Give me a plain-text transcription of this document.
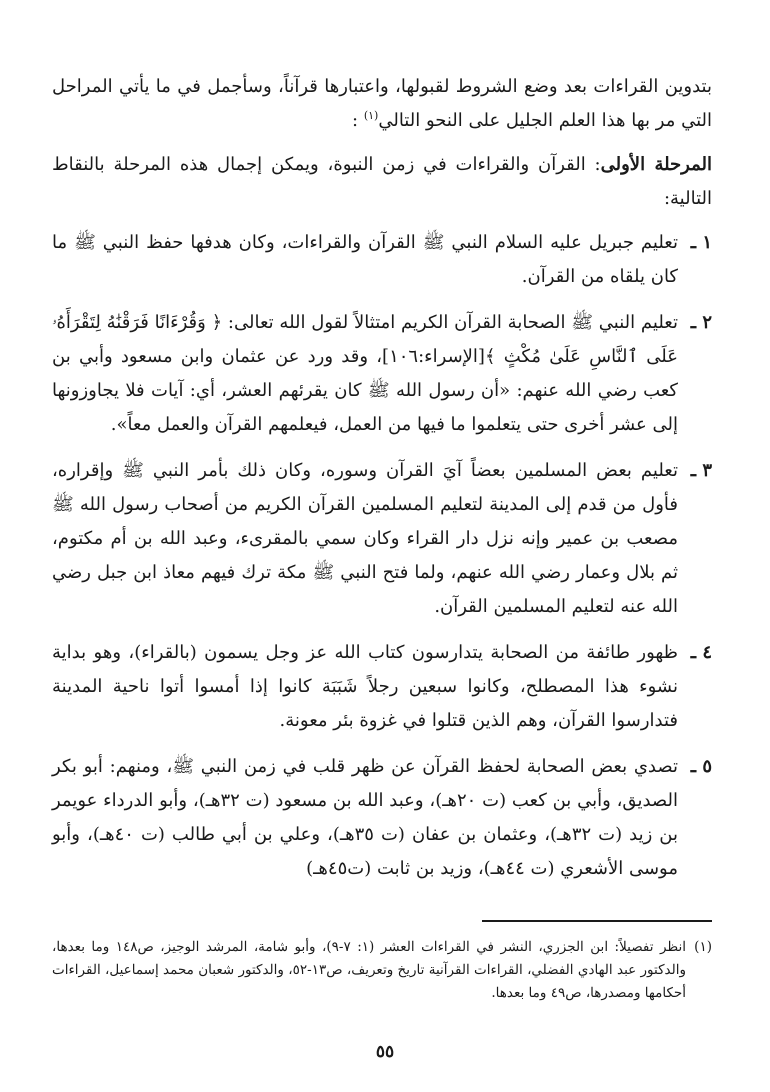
بتدوين القراءات بعد وضع الشروط لقبولها، واعتبارها قرآناً، وسأجمل في ما يأتي المراحل التي مر بها هذا العلم الجليل على النحو التالي$^{(١)}$ :

المرحلة الأولى: القرآن والقراءات في زمن النبوة، ويمكن إجمال هذه المرحلة بالنقاط التالية:

١ ـ
تعليم جبريل عليه السلام النبي ﷺ القرآن والقراءات، وكان هدفها حفظ النبي ﷺ ما كان يلقاه من القرآن.
٢ ـ
تعليم النبي ﷺ الصحابة القرآن الكريم امتثالاً لقول الله تعالى: ﴿ وَقُرْءَانًا فَرَقْنَٰهُ لِتَقْرَأَهُۥ عَلَى ٱلنَّاسِ عَلَىٰ مُكْثٍ ﴾[الإسراء:١٠٦]، وقد ورد عن عثمان وابن مسعود وأبي بن كعب رضي الله عنهم: «أن رسول الله ﷺ كان يقرئهم العشر، أي: آيات فلا يجاوزونها إلى عشر أخرى حتى يتعلموا ما فيها من العمل، فيعلمهم القرآن والعمل معاً».
٣ ـ
تعليم بعض المسلمين بعضاً آيَ القرآن وسوره، وكان ذلك بأمر النبي ﷺ وإقراره، فأول من قدم إلى المدينة لتعليم المسلمين القرآن الكريم من أصحاب رسول الله ﷺ مصعب بن عمير وإنه نزل دار القراء وكان سمي بالمقرىء، وعبد الله بن أم مكتوم، ثم بلال وعمار رضي الله عنهم، ولما فتح النبي ﷺ مكة ترك فيهم معاذ ابن جبل رضي الله عنه لتعليم المسلمين القرآن.
٤ ـ
ظهور طائفة من الصحابة يتدارسون كتاب الله عز وجل يسمون (بالقراء)، وهو بداية نشوء هذا المصطلح، وكانوا سبعين رجلاً شَبَبَة كانوا إذا أمسوا أتوا ناحية المدينة فتدارسوا القرآن، وهم الذين قتلوا في غزوة بئر معونة.
٥ ـ
تصدي بعض الصحابة لحفظ القرآن عن ظهر قلب في زمن النبي ﷺ، ومنهم: أبو بكر الصديق، وأبي بن كعب (ت ٢٠هـ)، وعبد الله بن مسعود (ت ٣٢هـ)، وأبو الدرداء عويمر بن زيد (ت ٣٢هـ)، وعثمان بن عفان (ت ٣٥هـ)، وعلي بن أبي طالب (ت ٤٠هـ)، وأبو موسى الأشعري (ت ٤٤هـ)، وزيد بن ثابت (ت٤٥هـ)
(١)
انظر تفصيلاً: ابن الجزري، النشر في القراءات العشر (١: ٧-٩)، وأبو شامة، المرشد الوجيز، ص١٤٨ وما بعدها، والدكتور عبد الهادي الفضلي، القراءات القرآنية تاريخ وتعريف، ص١٣-٥٢، والدكتور شعبان محمد إسماعيل، القراءات أحكامها ومصدرها، ص٤٩ وما بعدها.
٥٥
